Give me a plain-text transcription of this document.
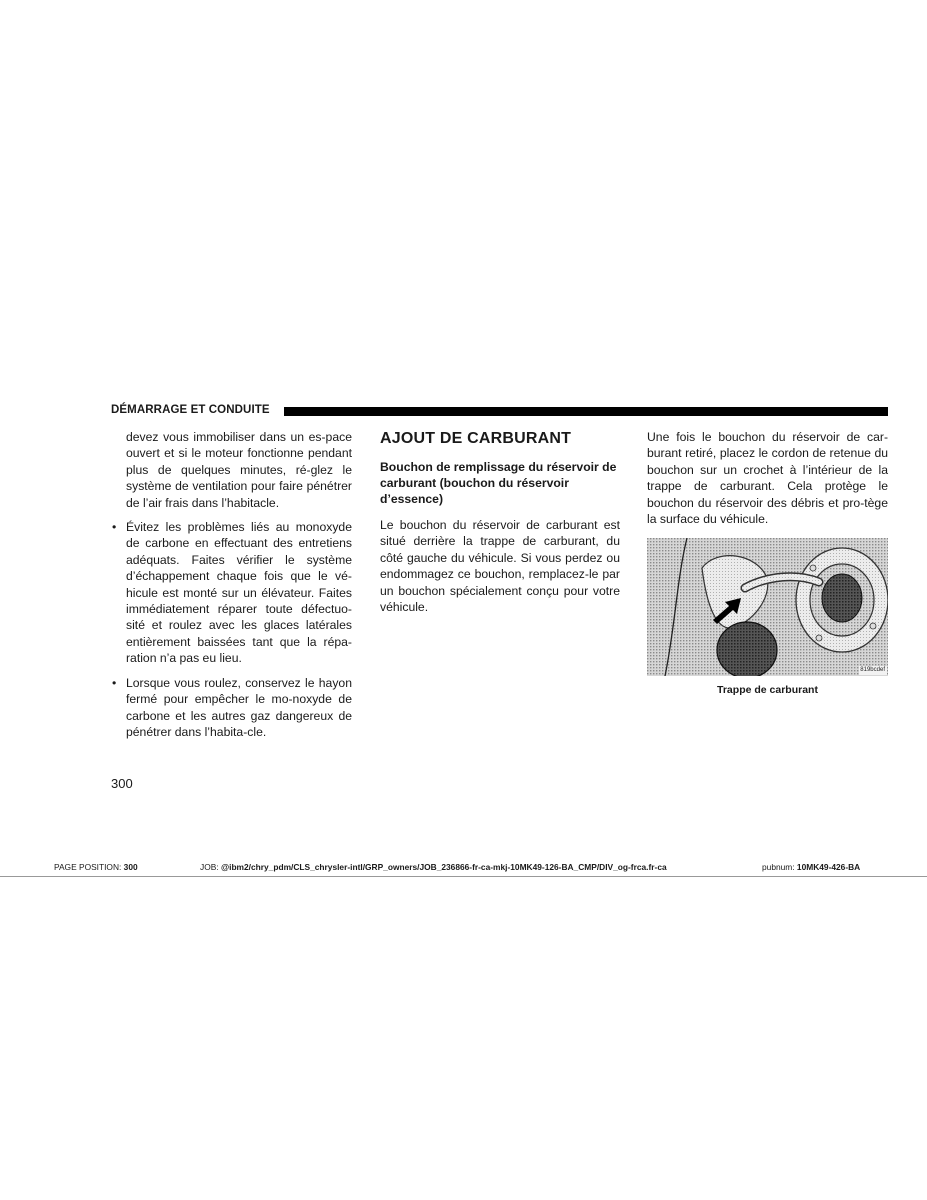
DÉMARRAGE ET CONDUITE

devez vous immobiliser dans un es-pace ouvert et si le moteur fonctionne pendant plus de quelques minutes, ré-glez le système de ventilation pour faire pénétrer de l’air frais dans l’habitacle.

• Évitez les problèmes liés au monoxyde de carbone en effectuant des entretiens adéquats. Faites vérifier le système d’échappement chaque fois que le vé-hicule est monté sur un élévateur. Faites immédiatement réparer toute défectuo-sité et roulez avec les glaces latérales entièrement baissées tant que la répa-ration n’a pas eu lieu.

• Lorsque vous roulez, conservez le hayon fermé pour empêcher le mo-noxyde de carbone et les autres gaz dangereux de pénétrer dans l’habita-cle.

AJOUT DE CARBURANT
Bouchon de remplissage du réservoir de carburant (bouchon du réservoir d’essence)

Le bouchon du réservoir de carburant est situé derrière la trappe de carburant, du côté gauche du véhicule. Si vous perdez ou endommagez ce bouchon, remplacez-le par un bouchon spécialement conçu pour votre véhicule.

Une fois le bouchon du réservoir de car-burant retiré, placez le cordon de retenue du bouchon sur un crochet à l’intérieur de la trappe de carburant. Cela protège le bouchon du réservoir des débris et pro-tège la surface du véhicule.

819bcdef
Trappe de carburant
300
PAGE POSITION: 300	JOB: @ibm2/chry_pdm/CLS_chrysler-intl/GRP_owners/JOB_236866-fr-ca-mkj-10MK49-126-BA_CMP/DIV_og-frca.fr-ca	pubnum: 10MK49-426-BA
